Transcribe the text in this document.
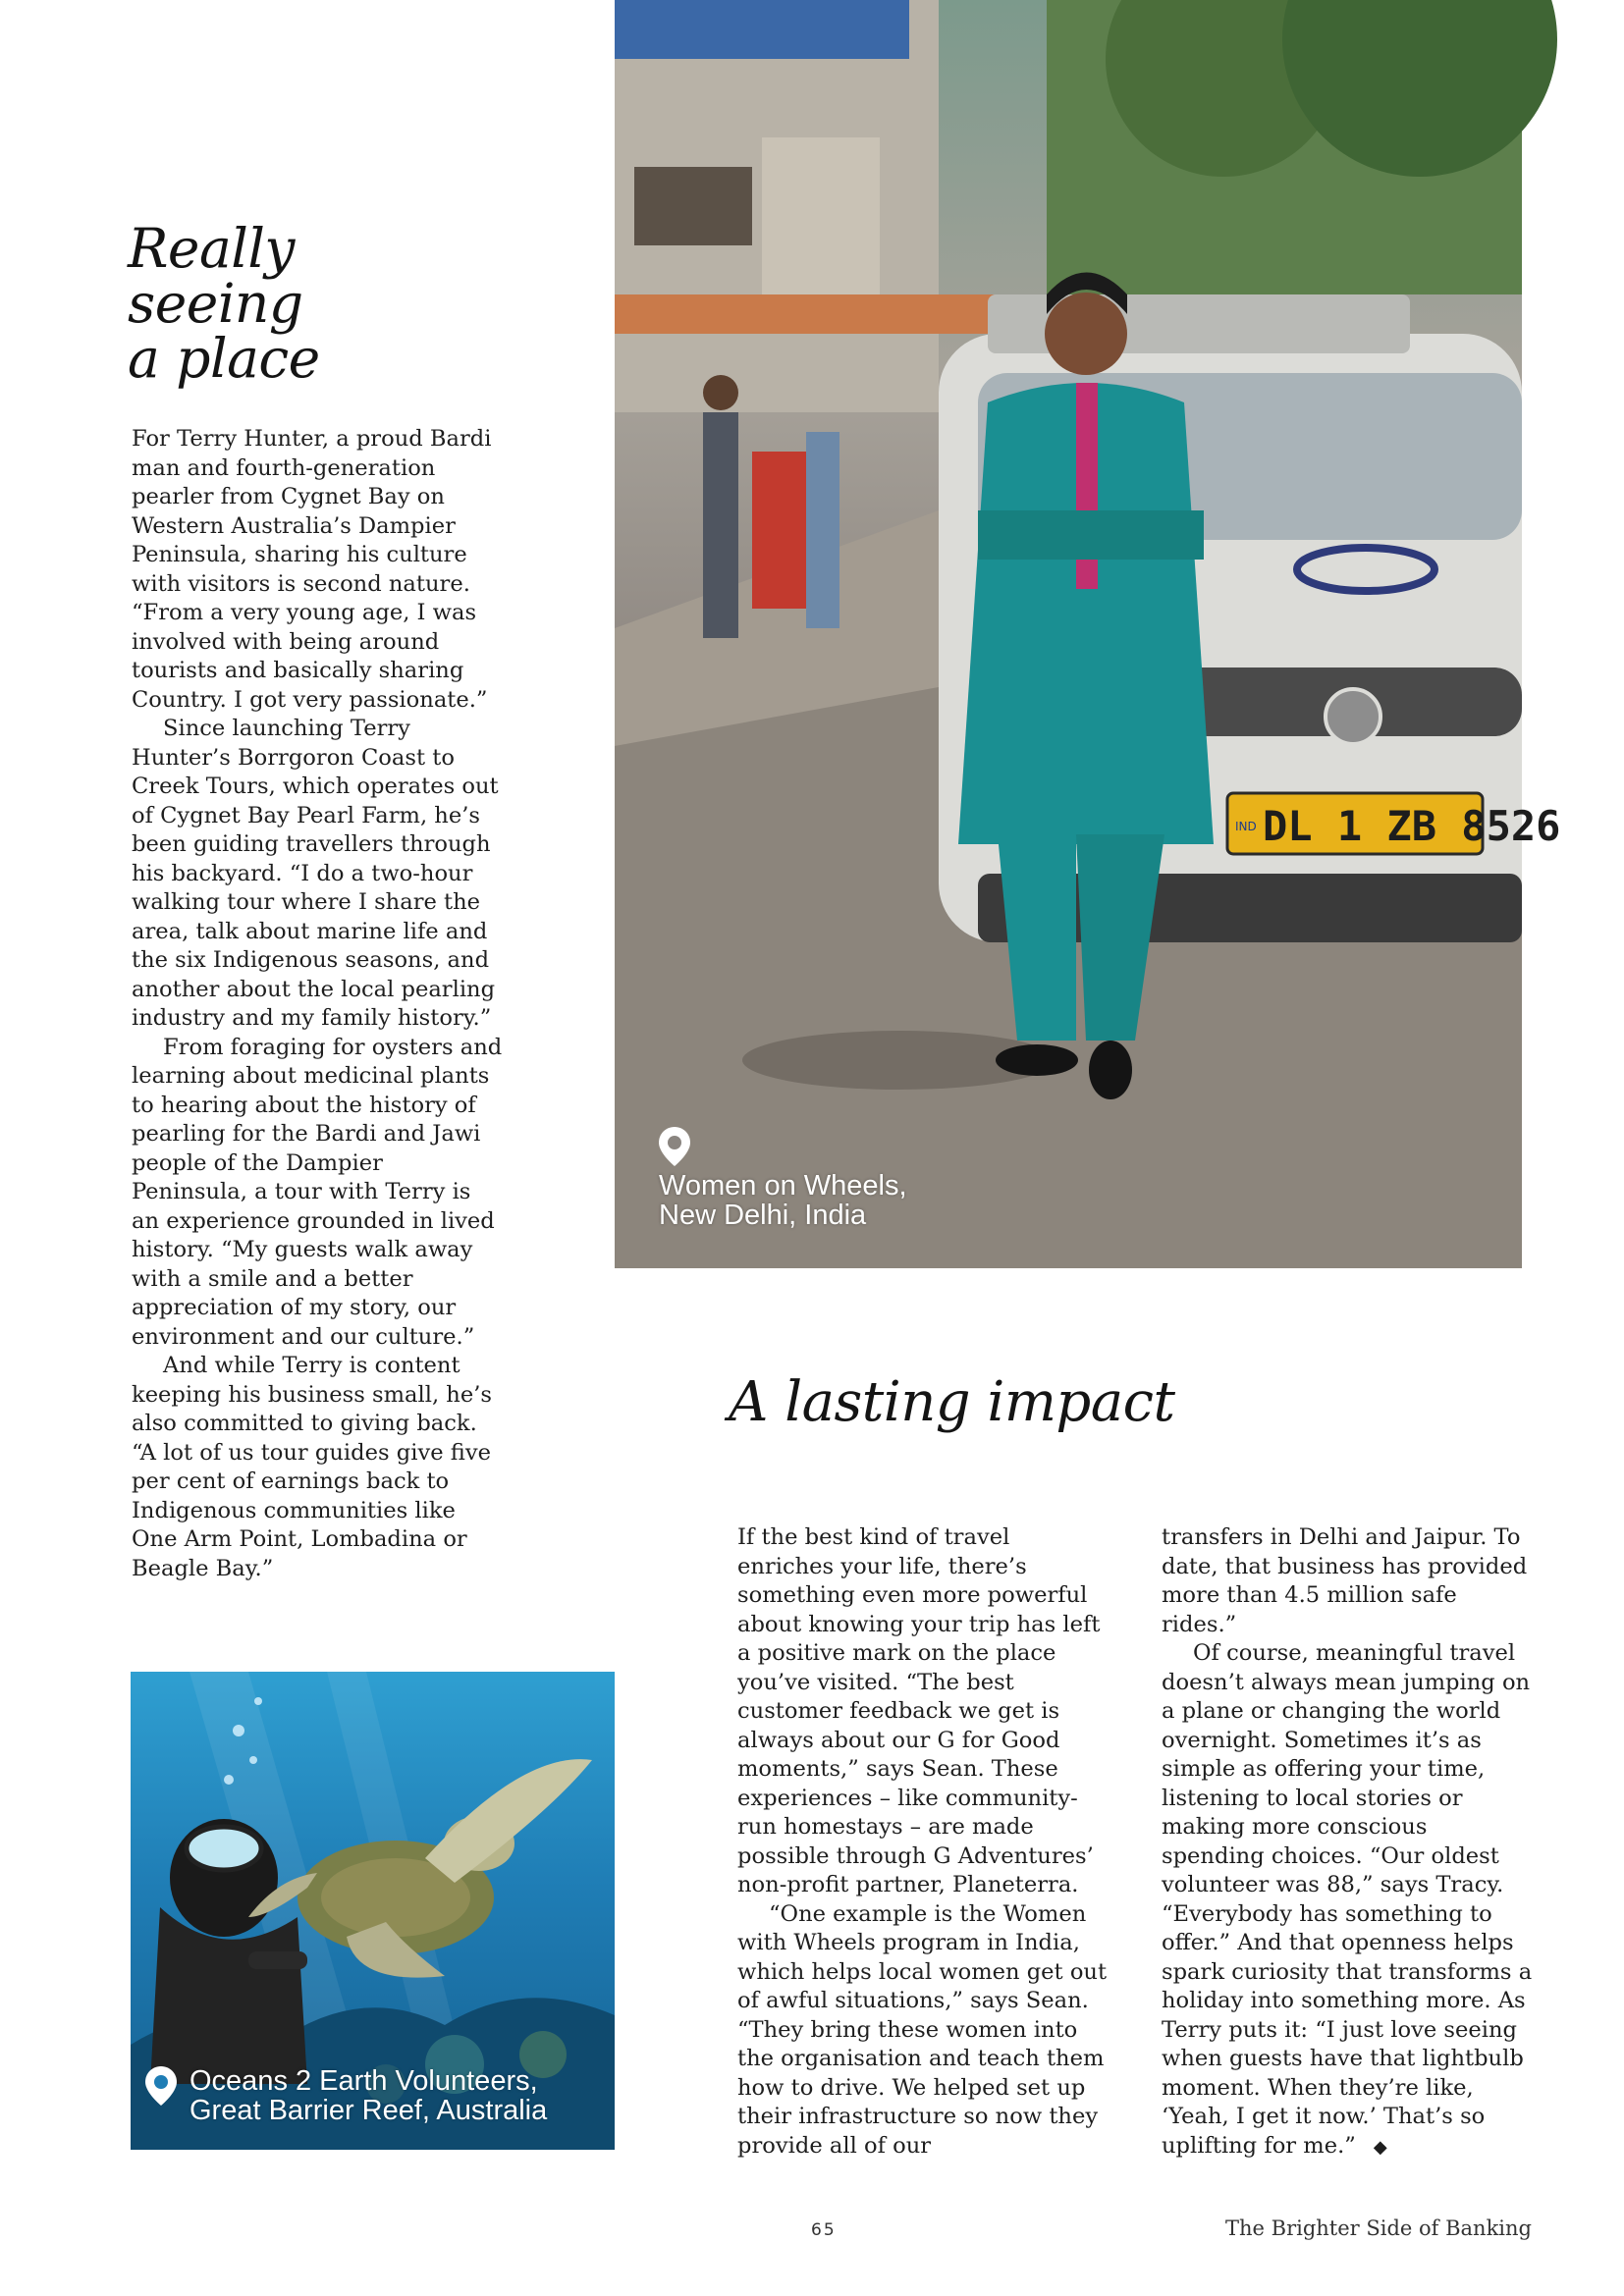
Really seeing
a place

For Terry Hunter, a proud Bardi man and fourth-generation pearler from Cygnet Bay on Western Australia’s Dampier Peninsula, sharing his culture with visitors is second nature. “From a very young age, I was involved with being around tourists and basically sharing Country. I got very passionate.”

Since launching Terry Hunter’s Borrgoron Coast to Creek Tours, which operates out of Cygnet Bay Pearl Farm, he’s been guiding travellers through his backyard. “I do a two-hour walking tour where I share the area, talk about marine life and the six Indigenous seasons, and another about the local pearling industry and my family history.”

From foraging for oysters and learning about medicinal plants to hearing about the history of pearling for the Bardi and Jawi people of the Dampier Peninsula, a tour with Terry is an experience grounded in lived history. “My guests walk away with a smile and a better appreciation of my story, our environment and our culture.”

And while Terry is content keeping his business small, he’s also committed to giving back. “A lot of us tour guides give five per cent of earnings back to Indigenous communities like One Arm Point, Lombadina or Beagle Bay.”

IND DL 1 ZB 8526
Women on Wheels,
New Delhi, India
A lasting impact

If the best kind of travel enriches your life, there’s something even more powerful about knowing your trip has left a positive mark on the place you’ve visited. “The best customer feedback we get is always about our G for Good moments,” says Sean. These experiences – like community-run homestays – are made possible through G Adventures’ non-profit partner, Planeterra.

“One example is the Women with Wheels program in India, which helps local women get out of awful situations,” says Sean. “They bring these women into the organisation and teach them how to drive. We helped set up their infrastructure so now they provide all of our

transfers in Delhi and Jaipur. To date, that business has provided more than 4.5 million safe rides.”

Of course, meaningful travel doesn’t always mean jumping on a plane or changing the world overnight. Sometimes it’s as simple as offering your time, listening to local stories or making more conscious spending choices. “Our oldest volunteer was 88,” says Tracy. “Everybody has something to offer.” And that openness helps spark curiosity that transforms a holiday into something more. As Terry puts it: “I just love seeing when guests have that lightbulb moment. When they’re like, ‘Yeah, I get it now.’ That’s so uplifting for me.” ◆

Oceans 2 Earth Volunteers,
Great Barrier Reef, Australia
65	The Brighter Side of Banking
